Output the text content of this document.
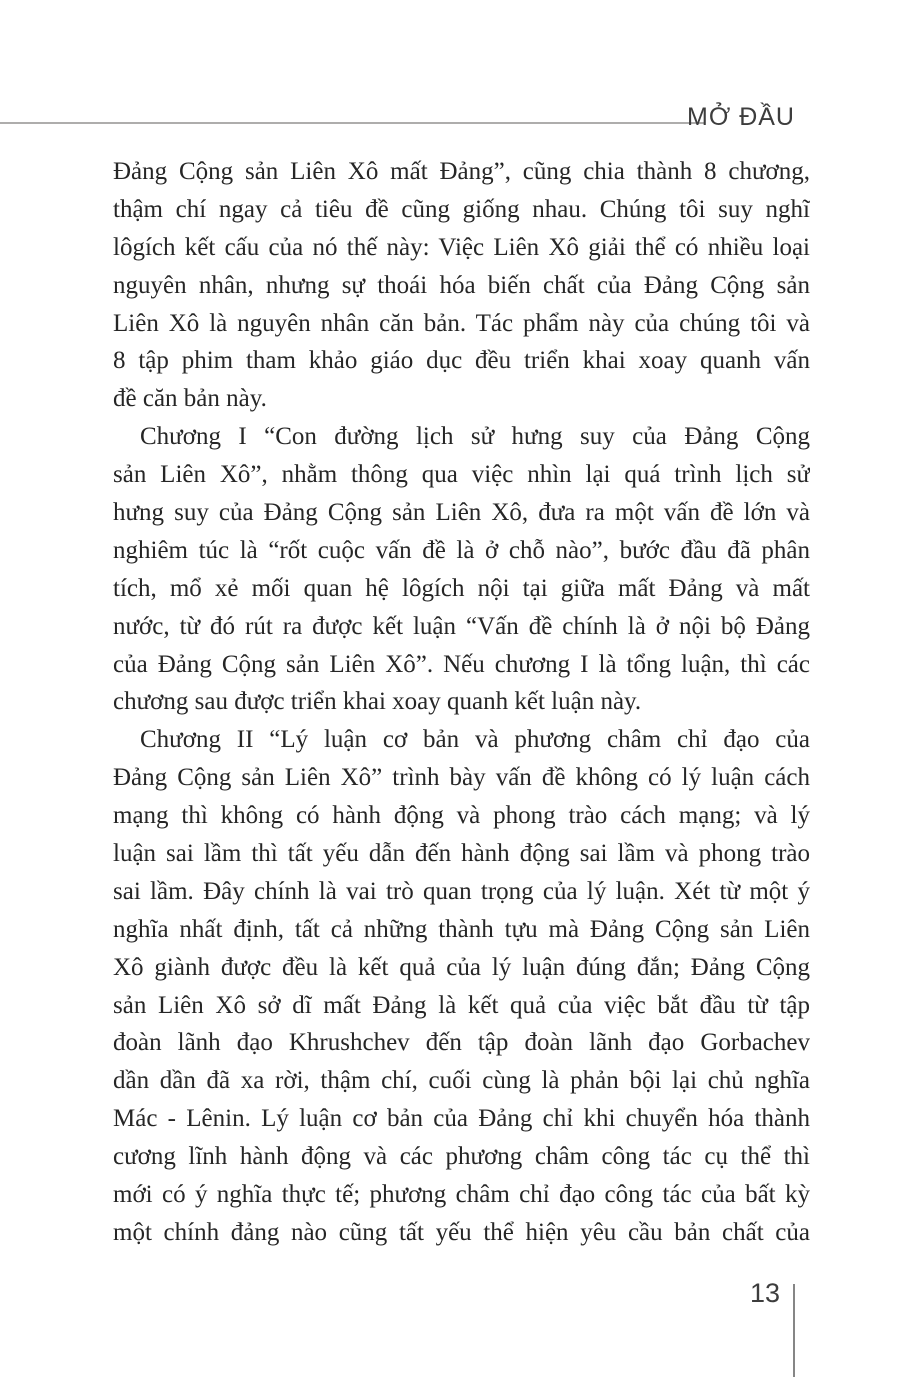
MỞ ĐẦU
Đảng Cộng sản Liên Xô mất Đảng”, cũng chia thành 8 chương,
thậm chí ngay cả tiêu đề cũng giống nhau. Chúng tôi suy nghĩ
lôgích kết cấu của nó thế này: Việc Liên Xô giải thể có nhiều loại
nguyên nhân, nhưng sự thoái hóa biến chất của Đảng Cộng sản
Liên Xô là nguyên nhân căn bản. Tác phẩm này của chúng tôi và
8 tập phim tham khảo giáo dục đều triển khai xoay quanh vấn
đề căn bản này.
Chương I “Con đường lịch sử hưng suy của Đảng Cộng
sản Liên Xô”, nhằm thông qua việc nhìn lại quá trình lịch sử
hưng suy của Đảng Cộng sản Liên Xô, đưa ra một vấn đề lớn và
nghiêm túc là “rốt cuộc vấn đề là ở chỗ nào”, bước đầu đã phân
tích, mổ xẻ mối quan hệ lôgích nội tại giữa mất Đảng và mất
nước, từ đó rút ra được kết luận “Vấn đề chính là ở nội bộ Đảng
của Đảng Cộng sản Liên Xô”. Nếu chương I là tổng luận, thì các
chương sau được triển khai xoay quanh kết luận này.
Chương II “Lý luận cơ bản và phương châm chỉ đạo của
Đảng Cộng sản Liên Xô” trình bày vấn đề không có lý luận cách
mạng thì không có hành động và phong trào cách mạng; và lý
luận sai lầm thì tất yếu dẫn đến hành động sai lầm và phong trào
sai lầm. Đây chính là vai trò quan trọng của lý luận. Xét từ một ý
nghĩa nhất định, tất cả những thành tựu mà Đảng Cộng sản Liên
Xô giành được đều là kết quả của lý luận đúng đắn; Đảng Cộng
sản Liên Xô sở dĩ mất Đảng là kết quả của việc bắt đầu từ tập
đoàn lãnh đạo Khrushchev đến tập đoàn lãnh đạo Gorbachev
dần dần đã xa rời, thậm chí, cuối cùng là phản bội lại chủ nghĩa
Mác - Lênin. Lý luận cơ bản của Đảng chỉ khi chuyển hóa thành
cương lĩnh hành động và các phương châm công tác cụ thể thì
mới có ý nghĩa thực tế; phương châm chỉ đạo công tác của bất kỳ
một chính đảng nào cũng tất yếu thể hiện yêu cầu bản chất của
13
